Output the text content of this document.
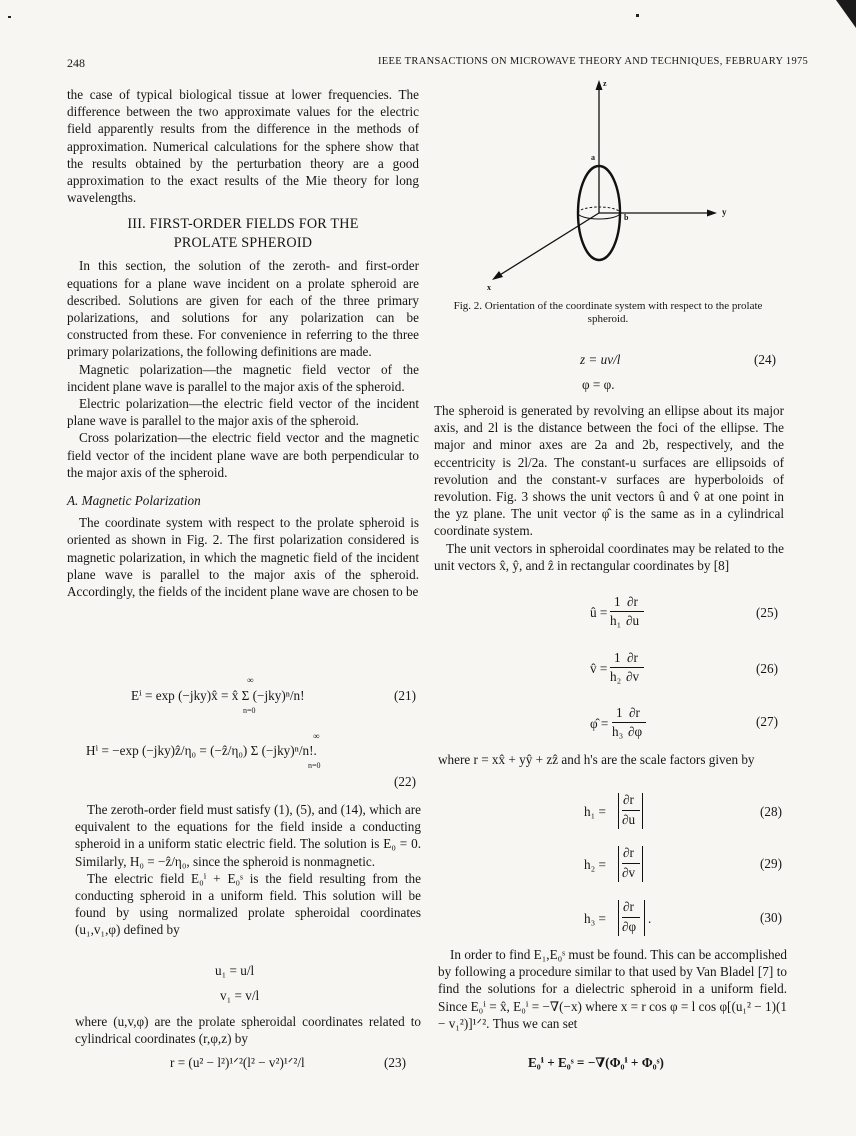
248	IEEE TRANSACTIONS ON MICROWAVE THEORY AND TECHNIQUES, FEBRUARY 1975

the case of typical biological tissue at lower frequencies. The difference between the two approximate values for the electric field apparently results from the difference in the methods of approximation. Numerical calculations for the sphere show that the results obtained by the perturbation theory are a good approximation to the exact results of the Mie theory for long wavelengths.

III. FIRST-ORDER FIELDS FOR THE
PROLATE SPHEROID

In this section, the solution of the zeroth- and first-order equations for a plane wave incident on a prolate spheroid are described. Solutions are given for each of the three primary polarizations, and solutions for any polarization can be constructed from these. For convenience in referring to the three primary polarizations, the following definitions are made.

Magnetic polarization—the magnetic field vector of the incident plane wave is parallel to the major axis of the spheroid.

Electric polarization—the electric field vector of the incident plane wave is parallel to the major axis of the spheroid.

Cross polarization—the electric field vector and the magnetic field vector of the incident plane wave are both perpendicular to the major axis of the spheroid.

A. Magnetic Polarization

The coordinate system with respect to the prolate spheroid is oriented as shown in Fig. 2. The first polarization considered is magnetic polarization, in which the magnetic field of the incident plane wave is parallel to the major axis of the spheroid. Accordingly, the fields of the incident plane wave are chosen to be

Eⁱ = exp (−jky)x̂ = x̂ Σ (−jky)ⁿ/n!
∞
n=0
(21)
Hⁱ = −exp (−jky)ẑ/η₀ = (−ẑ/η₀) Σ (−jky)ⁿ/n!.
∞
n=0
(22)

The zeroth-order field must satisfy (1), (5), and (14), which are equivalent to the equations for the field inside a conducting spheroid in a uniform static electric field. The solution is E₀ = 0. Similarly, H₀ = −ẑ/η₀, since the spheroid is nonmagnetic.

The electric field E₀ⁱ + E₀ˢ is the field resulting from the conducting spheroid in a uniform field. This solution will be found by using normalized prolate spheroidal coordinates (u₁,v₁,φ) defined by

u₁ = u/l
v₁ = v/l

where (u,v,φ) are the prolate spheroidal coordinates related to cylindrical coordinates (r,φ,z) by

r = (u² − l²)¹ᐟ²(l² − v²)¹ᐟ²/l	(23)
z
y
x
a
b
Fig. 2. Orientation of the coordinate system with respect to the prolate spheroid.
z = uv/l	(24)
φ = φ.

The spheroid is generated by revolving an ellipse about its major axis, and 2l is the distance between the foci of the ellipse. The major and minor axes are 2a and 2b, respectively, and the eccentricity is 2l/2a. The constant-u surfaces are ellipsoids of revolution and the constant-v surfaces are hyperboloids of revolution. Fig. 3 shows the unit vectors û and v̂ at one point in the yz plane. The unit vector φ̂ is the same as in a cylindrical coordinate system.

The unit vectors in spheroidal coordinates may be related to the unit vectors x̂, ŷ, and ẑ in rectangular coordinates by [8]

û =
1 ∂r
h₁ ∂u
(25)
v̂ =
1 ∂r
h₂ ∂v
(26)
φ̂ =
1 ∂r
h₃ ∂φ
(27)

where r = xx̂ + yŷ + zẑ and h's are the scale factors given by

h₁ =
∂r
∂u
(28)
h₂ =
∂r
∂v
(29)
h₃ =
∂r
∂φ
.	(30)

In order to find E₁,E₀ˢ must be found. This can be accomplished by following a procedure similar to that used by Van Bladel [7] to find the solutions for a dielectric spheroid in a uniform field. Since E₀ⁱ = x̂, E₀ⁱ = −∇(−x) where x = r cos φ = l cos φ[(u₁² − 1)(1 − v₁²)]¹ᐟ². Thus we can set

E₀ⁱ + E₀ˢ = −∇(Φ₀ⁱ + Φ₀ˢ)
